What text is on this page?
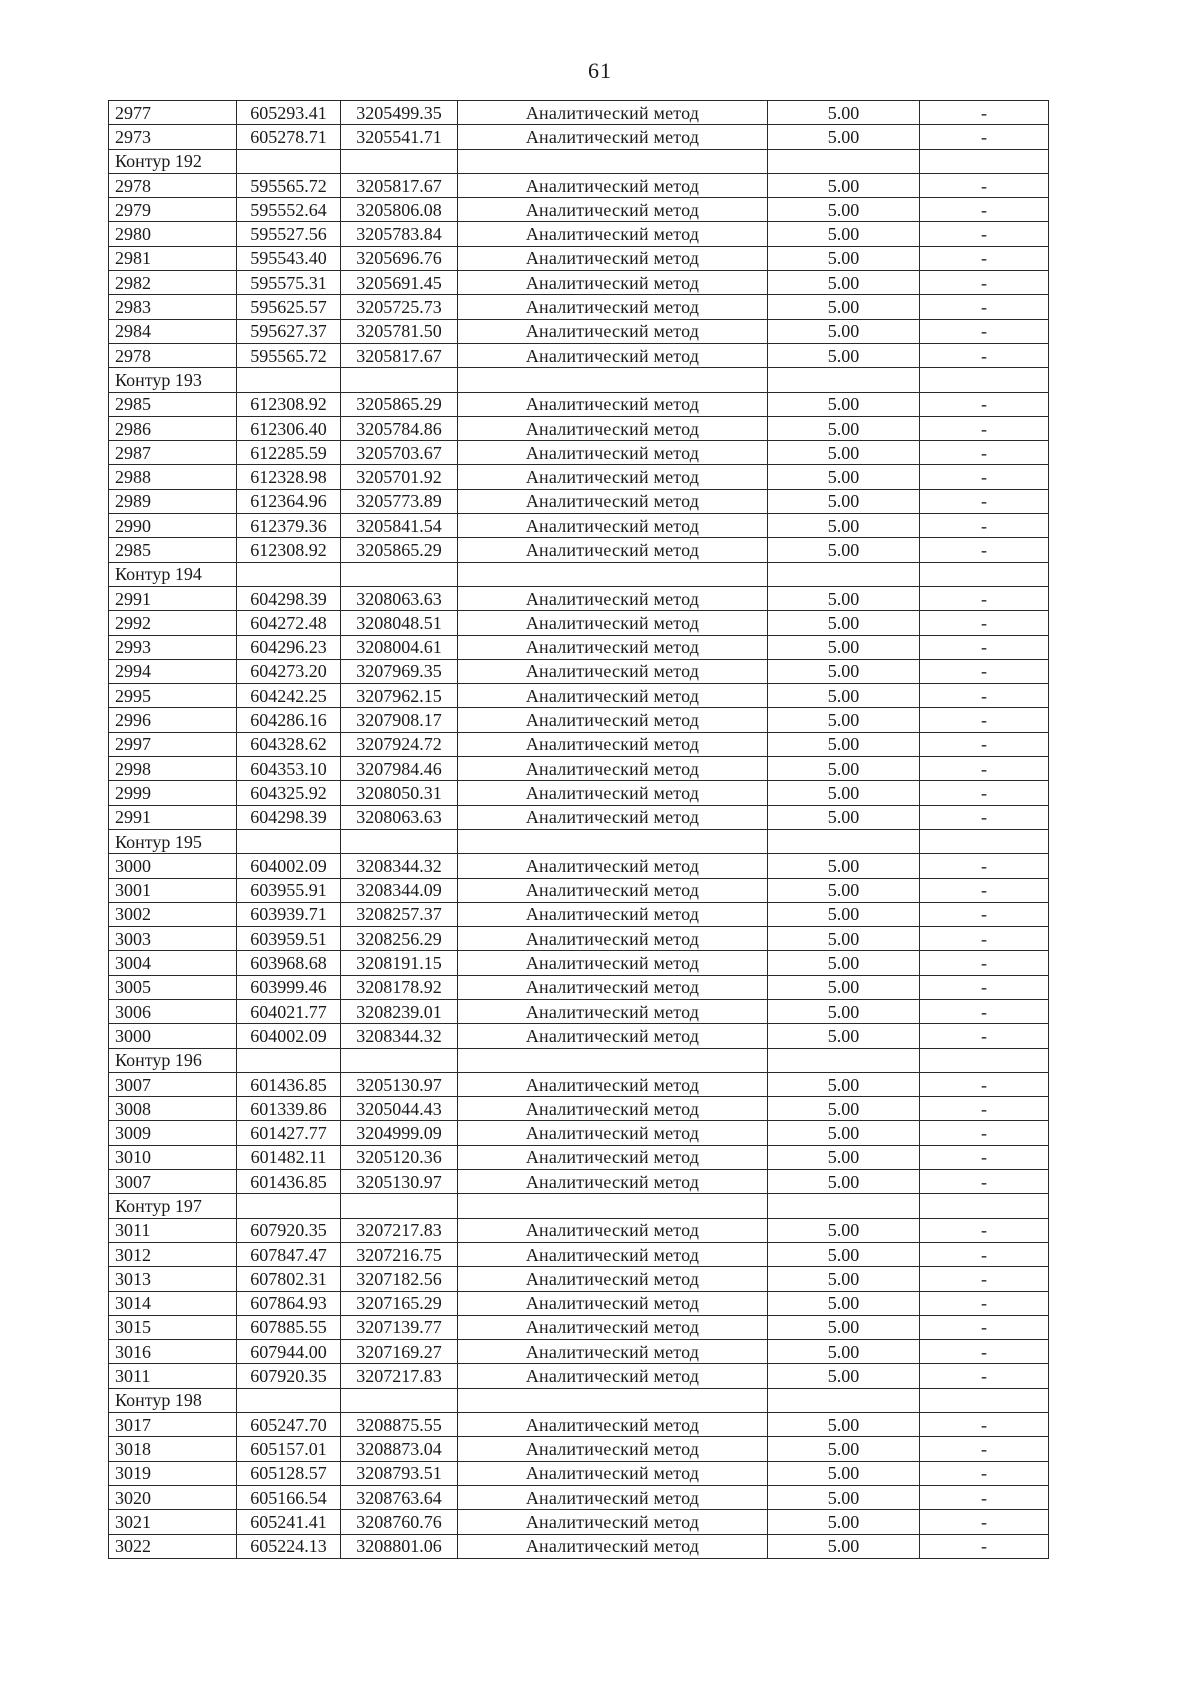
61
2977	605293.41	3205499.35	Аналитический метод	5.00	-
2973	605278.71	3205541.71	Аналитический метод	5.00	-
Контур 192					
2978	595565.72	3205817.67	Аналитический метод	5.00	-
2979	595552.64	3205806.08	Аналитический метод	5.00	-
2980	595527.56	3205783.84	Аналитический метод	5.00	-
2981	595543.40	3205696.76	Аналитический метод	5.00	-
2982	595575.31	3205691.45	Аналитический метод	5.00	-
2983	595625.57	3205725.73	Аналитический метод	5.00	-
2984	595627.37	3205781.50	Аналитический метод	5.00	-
2978	595565.72	3205817.67	Аналитический метод	5.00	-
Контур 193					
2985	612308.92	3205865.29	Аналитический метод	5.00	-
2986	612306.40	3205784.86	Аналитический метод	5.00	-
2987	612285.59	3205703.67	Аналитический метод	5.00	-
2988	612328.98	3205701.92	Аналитический метод	5.00	-
2989	612364.96	3205773.89	Аналитический метод	5.00	-
2990	612379.36	3205841.54	Аналитический метод	5.00	-
2985	612308.92	3205865.29	Аналитический метод	5.00	-
Контур 194					
2991	604298.39	3208063.63	Аналитический метод	5.00	-
2992	604272.48	3208048.51	Аналитический метод	5.00	-
2993	604296.23	3208004.61	Аналитический метод	5.00	-
2994	604273.20	3207969.35	Аналитический метод	5.00	-
2995	604242.25	3207962.15	Аналитический метод	5.00	-
2996	604286.16	3207908.17	Аналитический метод	5.00	-
2997	604328.62	3207924.72	Аналитический метод	5.00	-
2998	604353.10	3207984.46	Аналитический метод	5.00	-
2999	604325.92	3208050.31	Аналитический метод	5.00	-
2991	604298.39	3208063.63	Аналитический метод	5.00	-
Контур 195					
3000	604002.09	3208344.32	Аналитический метод	5.00	-
3001	603955.91	3208344.09	Аналитический метод	5.00	-
3002	603939.71	3208257.37	Аналитический метод	5.00	-
3003	603959.51	3208256.29	Аналитический метод	5.00	-
3004	603968.68	3208191.15	Аналитический метод	5.00	-
3005	603999.46	3208178.92	Аналитический метод	5.00	-
3006	604021.77	3208239.01	Аналитический метод	5.00	-
3000	604002.09	3208344.32	Аналитический метод	5.00	-
Контур 196					
3007	601436.85	3205130.97	Аналитический метод	5.00	-
3008	601339.86	3205044.43	Аналитический метод	5.00	-
3009	601427.77	3204999.09	Аналитический метод	5.00	-
3010	601482.11	3205120.36	Аналитический метод	5.00	-
3007	601436.85	3205130.97	Аналитический метод	5.00	-
Контур 197					
3011	607920.35	3207217.83	Аналитический метод	5.00	-
3012	607847.47	3207216.75	Аналитический метод	5.00	-
3013	607802.31	3207182.56	Аналитический метод	5.00	-
3014	607864.93	3207165.29	Аналитический метод	5.00	-
3015	607885.55	3207139.77	Аналитический метод	5.00	-
3016	607944.00	3207169.27	Аналитический метод	5.00	-
3011	607920.35	3207217.83	Аналитический метод	5.00	-
Контур 198					
3017	605247.70	3208875.55	Аналитический метод	5.00	-
3018	605157.01	3208873.04	Аналитический метод	5.00	-
3019	605128.57	3208793.51	Аналитический метод	5.00	-
3020	605166.54	3208763.64	Аналитический метод	5.00	-
3021	605241.41	3208760.76	Аналитический метод	5.00	-
3022	605224.13	3208801.06	Аналитический метод	5.00	-
